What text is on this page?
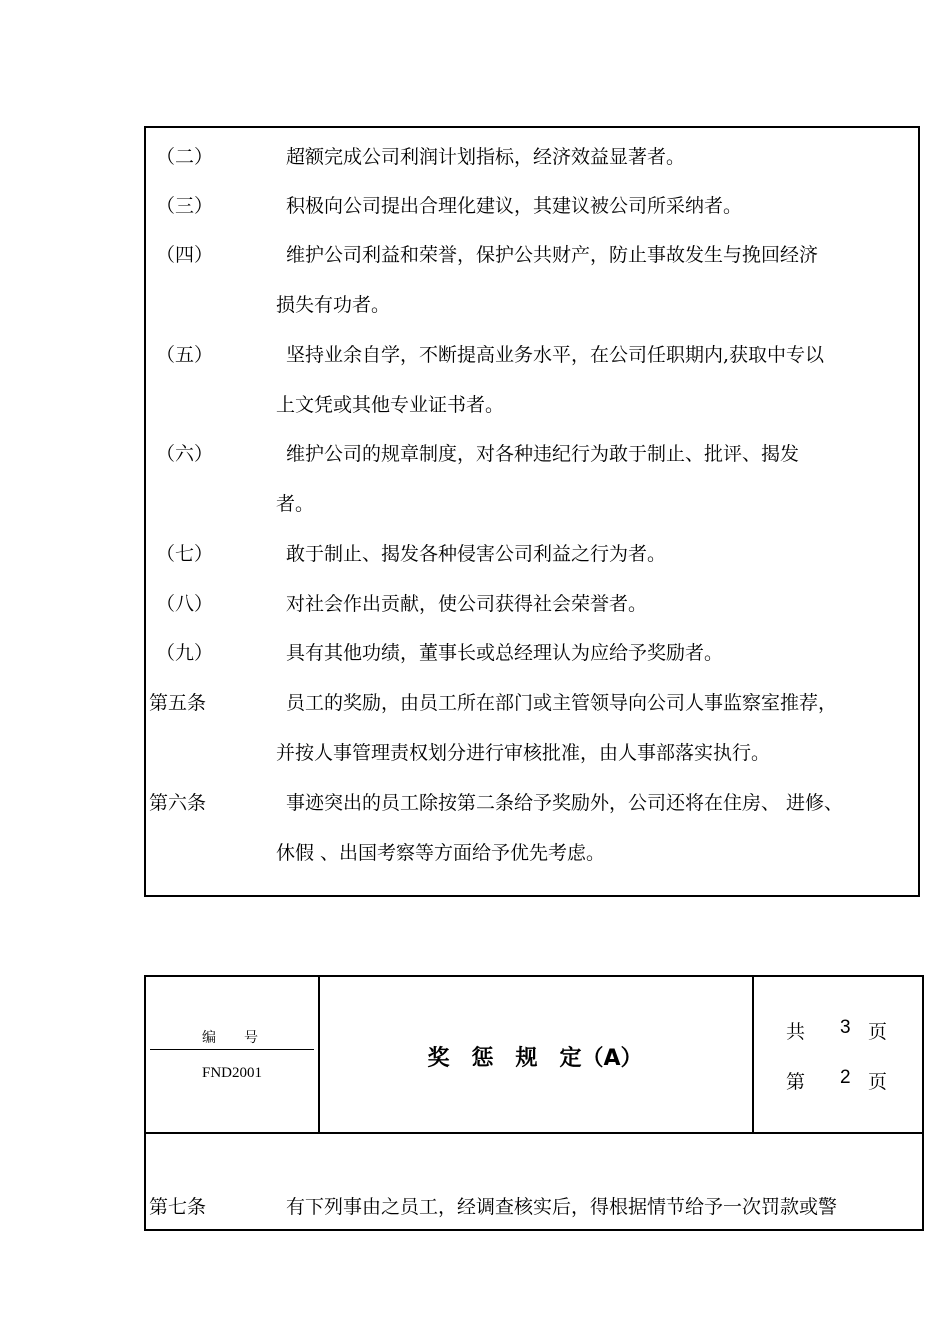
（二）	超额完成公司利润计划指标，经济效益显著者。
（三）	积极向公司提出合理化建议，其建议被公司所采纳者。
（四）	维护公司利益和荣誉，保护公共财产，防止事故发生与挽回经济
损失有功者。
（五）	坚持业余自学，不断提高业务水平，在公司任职期内,获取中专以
上文凭或其他专业证书者。
（六）	维护公司的规章制度，对各种违纪行为敢于制止、批评、揭发
者。
（七）	敢于制止、揭发各种侵害公司利益之行为者。
（八）	对社会作出贡献，使公司获得社会荣誉者。
（九）	具有其他功绩，董事长或总经理认为应给予奖励者。
第五条	员工的奖励，由员工所在部门或主管领导向公司人事监察室推荐，
并按人事管理责权划分进行审核批准，由人事部落实执行。
第六条	事迹突出的员工除按第二条给予奖励外，公司还将在住房、 进修、
休假 、出国考察等方面给予优先考虑。
编　　号
FND2001
奖　惩　规　定（A）
共 3 页
第 2 页
第七条	有下列事由之员工，经调查核实后，得根据情节给予一次罚款或警
